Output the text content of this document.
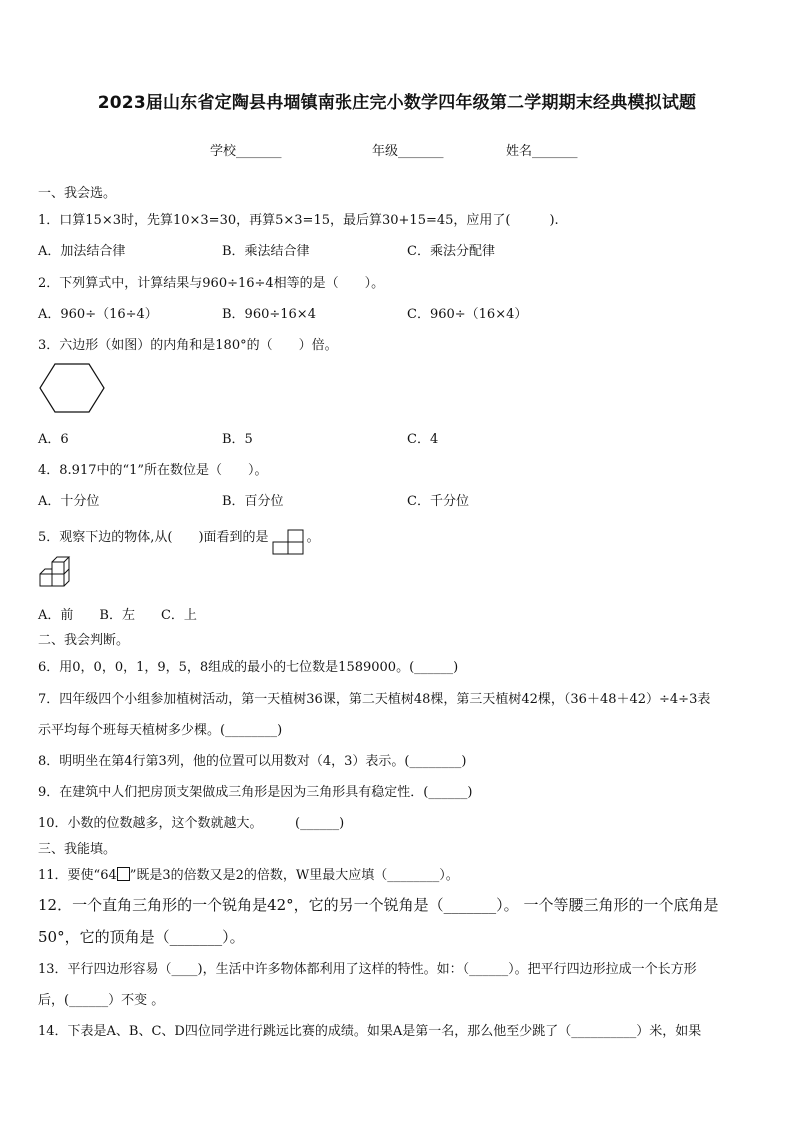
2023届山东省定陶县冉堌镇南张庄完小数学四年级第二学期期末经典模拟试题
学校_______	年级_______	姓名_______
一、我会选。
1．口算15×3时，先算10×3=30，再算5×3=15，最后算30+15=45，应用了(　　　).
A．加法结合律	B．乘法结合律	C．乘法分配律
2．下列算式中，计算结果与960÷16÷4相等的是（　　）。
A．960÷（16÷4）	B．960÷16×4	C．960÷（16×4）
3．六边形（如图）的内角和是180°的（　　）倍。
A．6	B．5	C．4
4．8.917中的“1”所在数位是（　　）。
A．十分位	B．百分位	C．千分位
5．观察下边的物体,从(　　)面看到的是	。
A．前　　B．左　　C．上
二、我会判断。
6．用0，0，0，1，9，5，8组成的最小的七位数是1589000。(______)
7．四年级四个小组参加植树活动，第一天植树36课，第二天植树48棵，第三天植树42棵，（36＋48＋42）÷4÷3表
示平均每个班每天植树多少棵。(________)
8．明明坐在第4行第3列，他的位置可以用数对（4，3）表示。(________)
9．在建筑中人们把房顶支架做成三角形是因为三角形具有稳定性．(______)
10．小数的位数越多，这个数就越大。　　　(______)
三、我能填。
11．要使“64 ”既是3的倍数又是2的倍数，W里最大应填（________）。
12．一个直角三角形的一个锐角是42°，它的另一个锐角是（_______）。 一个等腰三角形的一个底角是
50°，它的顶角是（_______）。
13．平行四边形容易（____)，生活中许多物体都利用了这样的特性。如：（______）。把平行四边形拉成一个长方形
后，(______）不变 。
14．下表是A、B、C、D四位同学进行跳远比赛的成绩。如果A是第一名，那么他至少跳了（__________）米，如果
